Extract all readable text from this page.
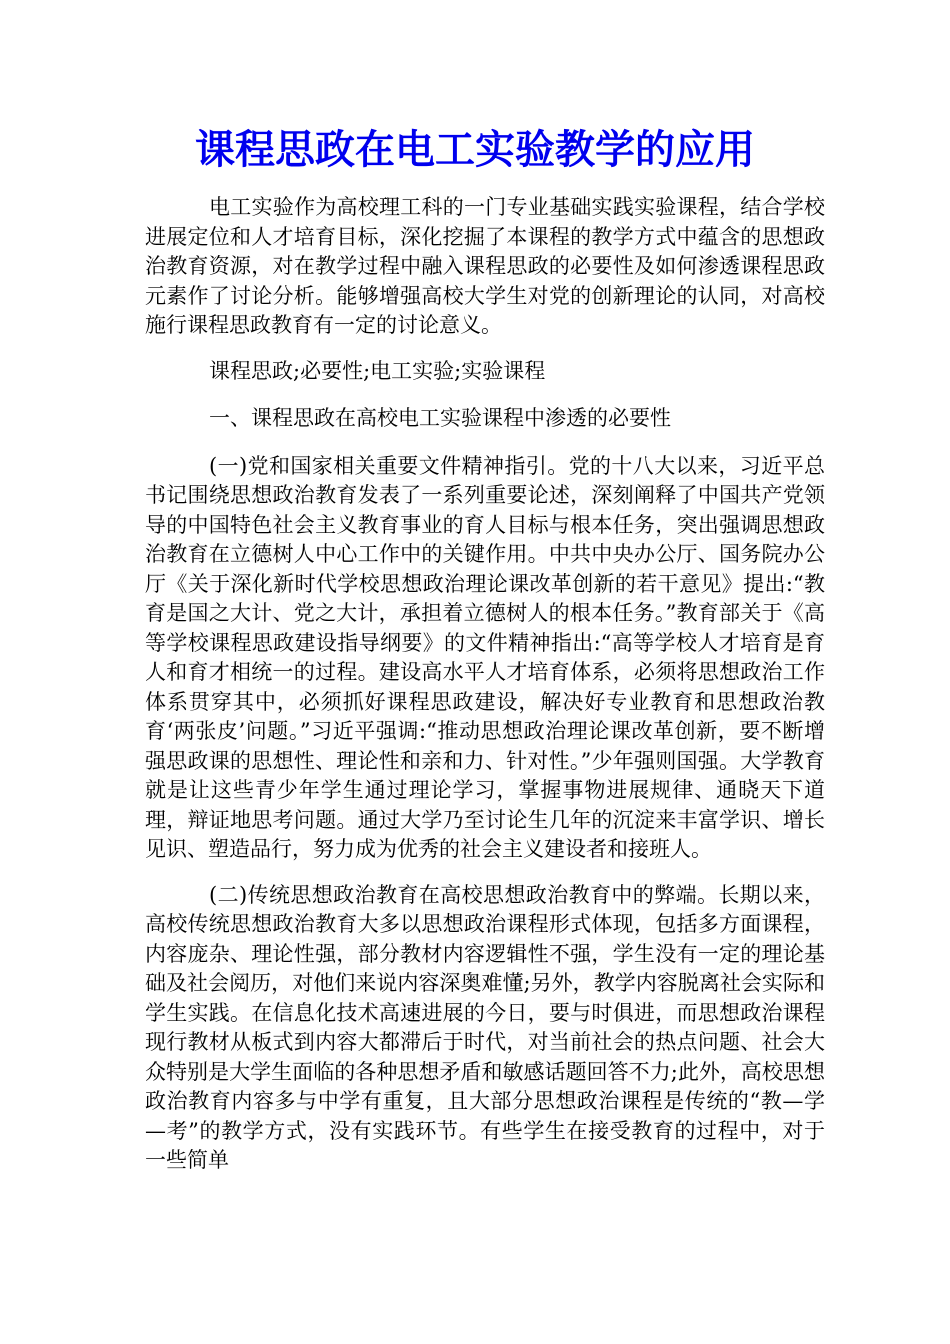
课程思政在电工实验教学的应用

电工实验作为高校理工科的一门专业基础实践实验课程，结合学校进展定位和人才培育目标，深化挖掘了本课程的教学方式中蕴含的思想政治教育资源，对在教学过程中融入课程思政的必要性及如何渗透课程思政元素作了讨论分析。能够增强高校大学生对党的创新理论的认同，对高校施行课程思政教育有一定的讨论意义。

课程思政;必要性;电工实验;实验课程

一、课程思政在高校电工实验课程中渗透的必要性

(一)党和国家相关重要文件精神指引。党的十八大以来，习近平总书记围绕思想政治教育发表了一系列重要论述，深刻阐释了中国共产党领导的中国特色社会主义教育事业的育人目标与根本任务，突出强调思想政治教育在立德树人中心工作中的关键作用。中共中央办公厅、国务院办公厅《关于深化新时代学校思想政治理论课改革创新的若干意见》提出:“教育是国之大计、党之大计，承担着立德树人的根本任务。”教育部关于《高等学校课程思政建设指导纲要》的文件精神指出:“高等学校人才培育是育人和育才相统一的过程。建设高水平人才培育体系，必须将思想政治工作体系贯穿其中，必须抓好课程思政建设，解决好专业教育和思想政治教育‘两张皮’问题。”习近平强调:“推动思想政治理论课改革创新，要不断增强思政课的思想性、理论性和亲和力、针对性。”少年强则国强。大学教育就是让这些青少年学生通过理论学习，掌握事物进展规律、通晓天下道理，辩证地思考问题。通过大学乃至讨论生几年的沉淀来丰富学识、增长见识、塑造品行，努力成为优秀的社会主义建设者和接班人。

(二)传统思想政治教育在高校思想政治教育中的弊端。长期以来，高校传统思想政治教育大多以思想政治课程形式体现，包括多方面课程，内容庞杂、理论性强，部分教材内容逻辑性不强，学生没有一定的理论基础及社会阅历，对他们来说内容深奥难懂;另外，教学内容脱离社会实际和学生实践。在信息化技术高速进展的今日，要与时俱进，而思想政治课程现行教材从板式到内容大都滞后于时代，对当前社会的热点问题、社会大众特别是大学生面临的各种思想矛盾和敏感话题回答不力;此外，高校思想政治教育内容多与中学有重复，且大部分思想政治课程是传统的“教—学—考”的教学方式，没有实践环节。有些学生在接受教育的过程中，对于一些简单
